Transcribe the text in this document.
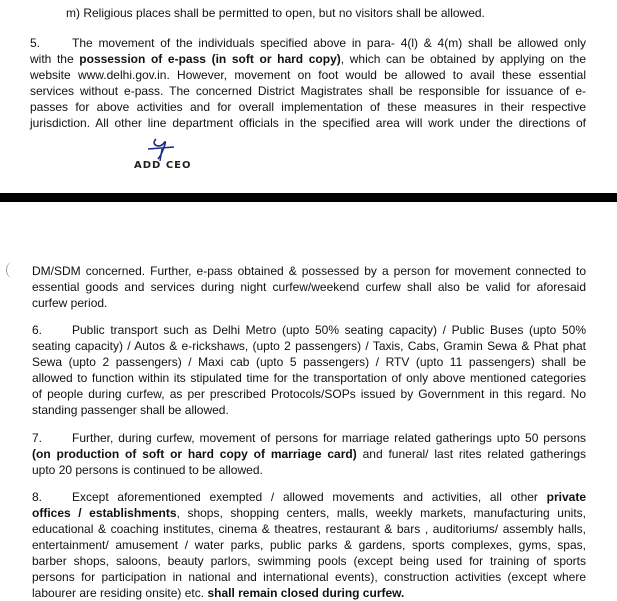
m) Religious places shall be permitted to open, but no visitors shall be allowed.
5.	The movement of the individuals specified above in para- 4(l) & 4(m) shall be allowed only
with the possession of e-pass (in soft or hard copy), which can be obtained by applying on the
website www.delhi.gov.in. However, movement on foot would be allowed to avail these essential
services without e-pass. The concerned District Magistrates shall be responsible for issuance of e-
passes for above activities and for overall implementation of these measures in their respective
jurisdiction. All other line department officials in the specified area will work under the directions of
ADD CEO
DM/SDM concerned. Further, e-pass obtained & possessed by a person for movement connected to
essential goods and services during night curfew/weekend curfew shall also be valid for aforesaid
curfew period.
6. Public transport such as Delhi Metro (upto 50% seating capacity) / Public Buses (upto 50%
seating capacity) / Autos & e-rickshaws, (upto 2 passengers) / Taxis, Cabs, Gramin Sewa & Phat phat
Sewa (upto 2 passengers) / Maxi cab (upto 5 passengers) / RTV (upto 11 passengers) shall be
allowed to function within its stipulated time for the transportation of only above mentioned categories
of people during curfew, as per prescribed Protocols/SOPs issued by Government in this regard. No
standing passenger shall be allowed.
7. Further, during curfew, movement of persons for marriage related gatherings upto 50 persons
(on production of soft or hard copy of marriage card) and funeral/ last rites related gatherings
upto 20 persons is continued to be allowed.
8. Except aforementioned exempted / allowed movements and activities, all other private
offices / establishments, shops, shopping centers, malls, weekly markets, manufacturing units,
educational & coaching institutes, cinema & theatres, restaurant & bars , auditoriums/ assembly halls,
entertainment/ amusement / water parks, public parks & gardens, sports complexes, gyms, spas,
barber shops, saloons, beauty parlors, swimming pools (except being used for training of sports
persons for participation in national and international events), construction activities (except where
labourer are residing onsite) etc. shall remain closed during curfew.
